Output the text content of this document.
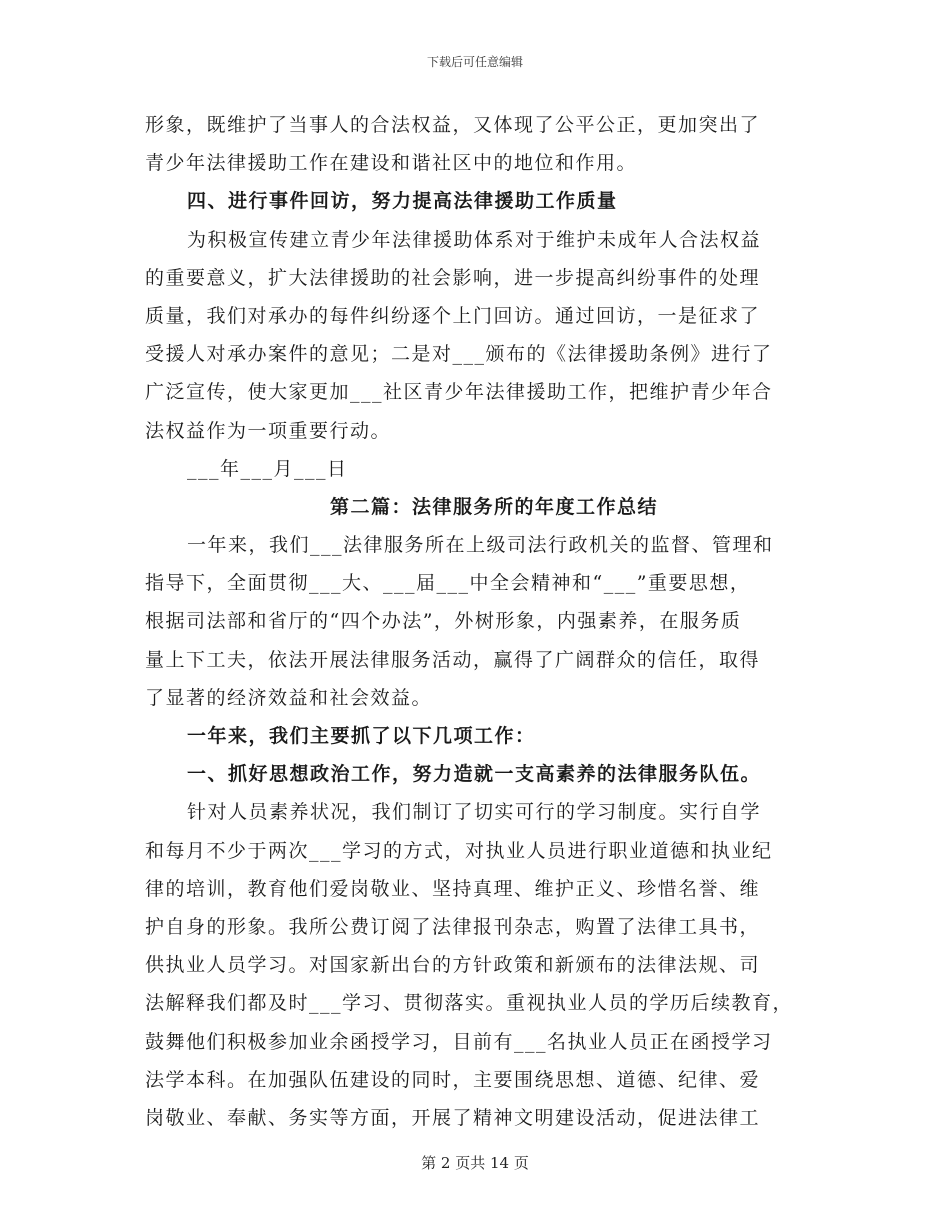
下载后可任意编辑
形象，既维护了当事人的合法权益，又体现了公平公正，更加突出了
青少年法律援助工作在建设和谐社区中的地位和作用。
四、进行事件回访，努力提高法律援助工作质量
为积极宣传建立青少年法律援助体系对于维护未成年人合法权益
的重要意义，扩大法律援助的社会影响，进一步提高纠纷事件的处理
质量，我们对承办的每件纠纷逐个上门回访。通过回访，一是征求了
受援人对承办案件的意见；二是对___颁布的《法律援助条例》进行了
广泛宣传，使大家更加___社区青少年法律援助工作，把维护青少年合
法权益作为一项重要行动。
___年___月___日
第二篇：法律服务所的年度工作总结
一年来，我们___法律服务所在上级司法行政机关的监督、管理和
指导下，全面贯彻___大、___届___中全会精神和“___”重要思想，
根据司法部和省厅的“四个办法”，外树形象，内强素养，在服务质
量上下工夫，依法开展法律服务活动，赢得了广阔群众的信任，取得
了显著的经济效益和社会效益。
一年来，我们主要抓了以下几项工作：
一、抓好思想政治工作，努力造就一支高素养的法律服务队伍。
针对人员素养状况，我们制订了切实可行的学习制度。实行自学
和每月不少于两次___学习的方式，对执业人员进行职业道德和执业纪
律的培训，教育他们爱岗敬业、坚持真理、维护正义、珍惜名誉、维
护自身的形象。我所公费订阅了法律报刊杂志，购置了法律工具书，
供执业人员学习。对国家新出台的方针政策和新颁布的法律法规、司
法解释我们都及时___学习、贯彻落实。重视执业人员的学历后续教育，
鼓舞他们积极参加业余函授学习，目前有___名执业人员正在函授学习
法学本科。在加强队伍建设的同时，主要围绕思想、道德、纪律、爱
岗敬业、奉献、务实等方面，开展了精神文明建设活动，促进法律工
第 2 页共 14 页
